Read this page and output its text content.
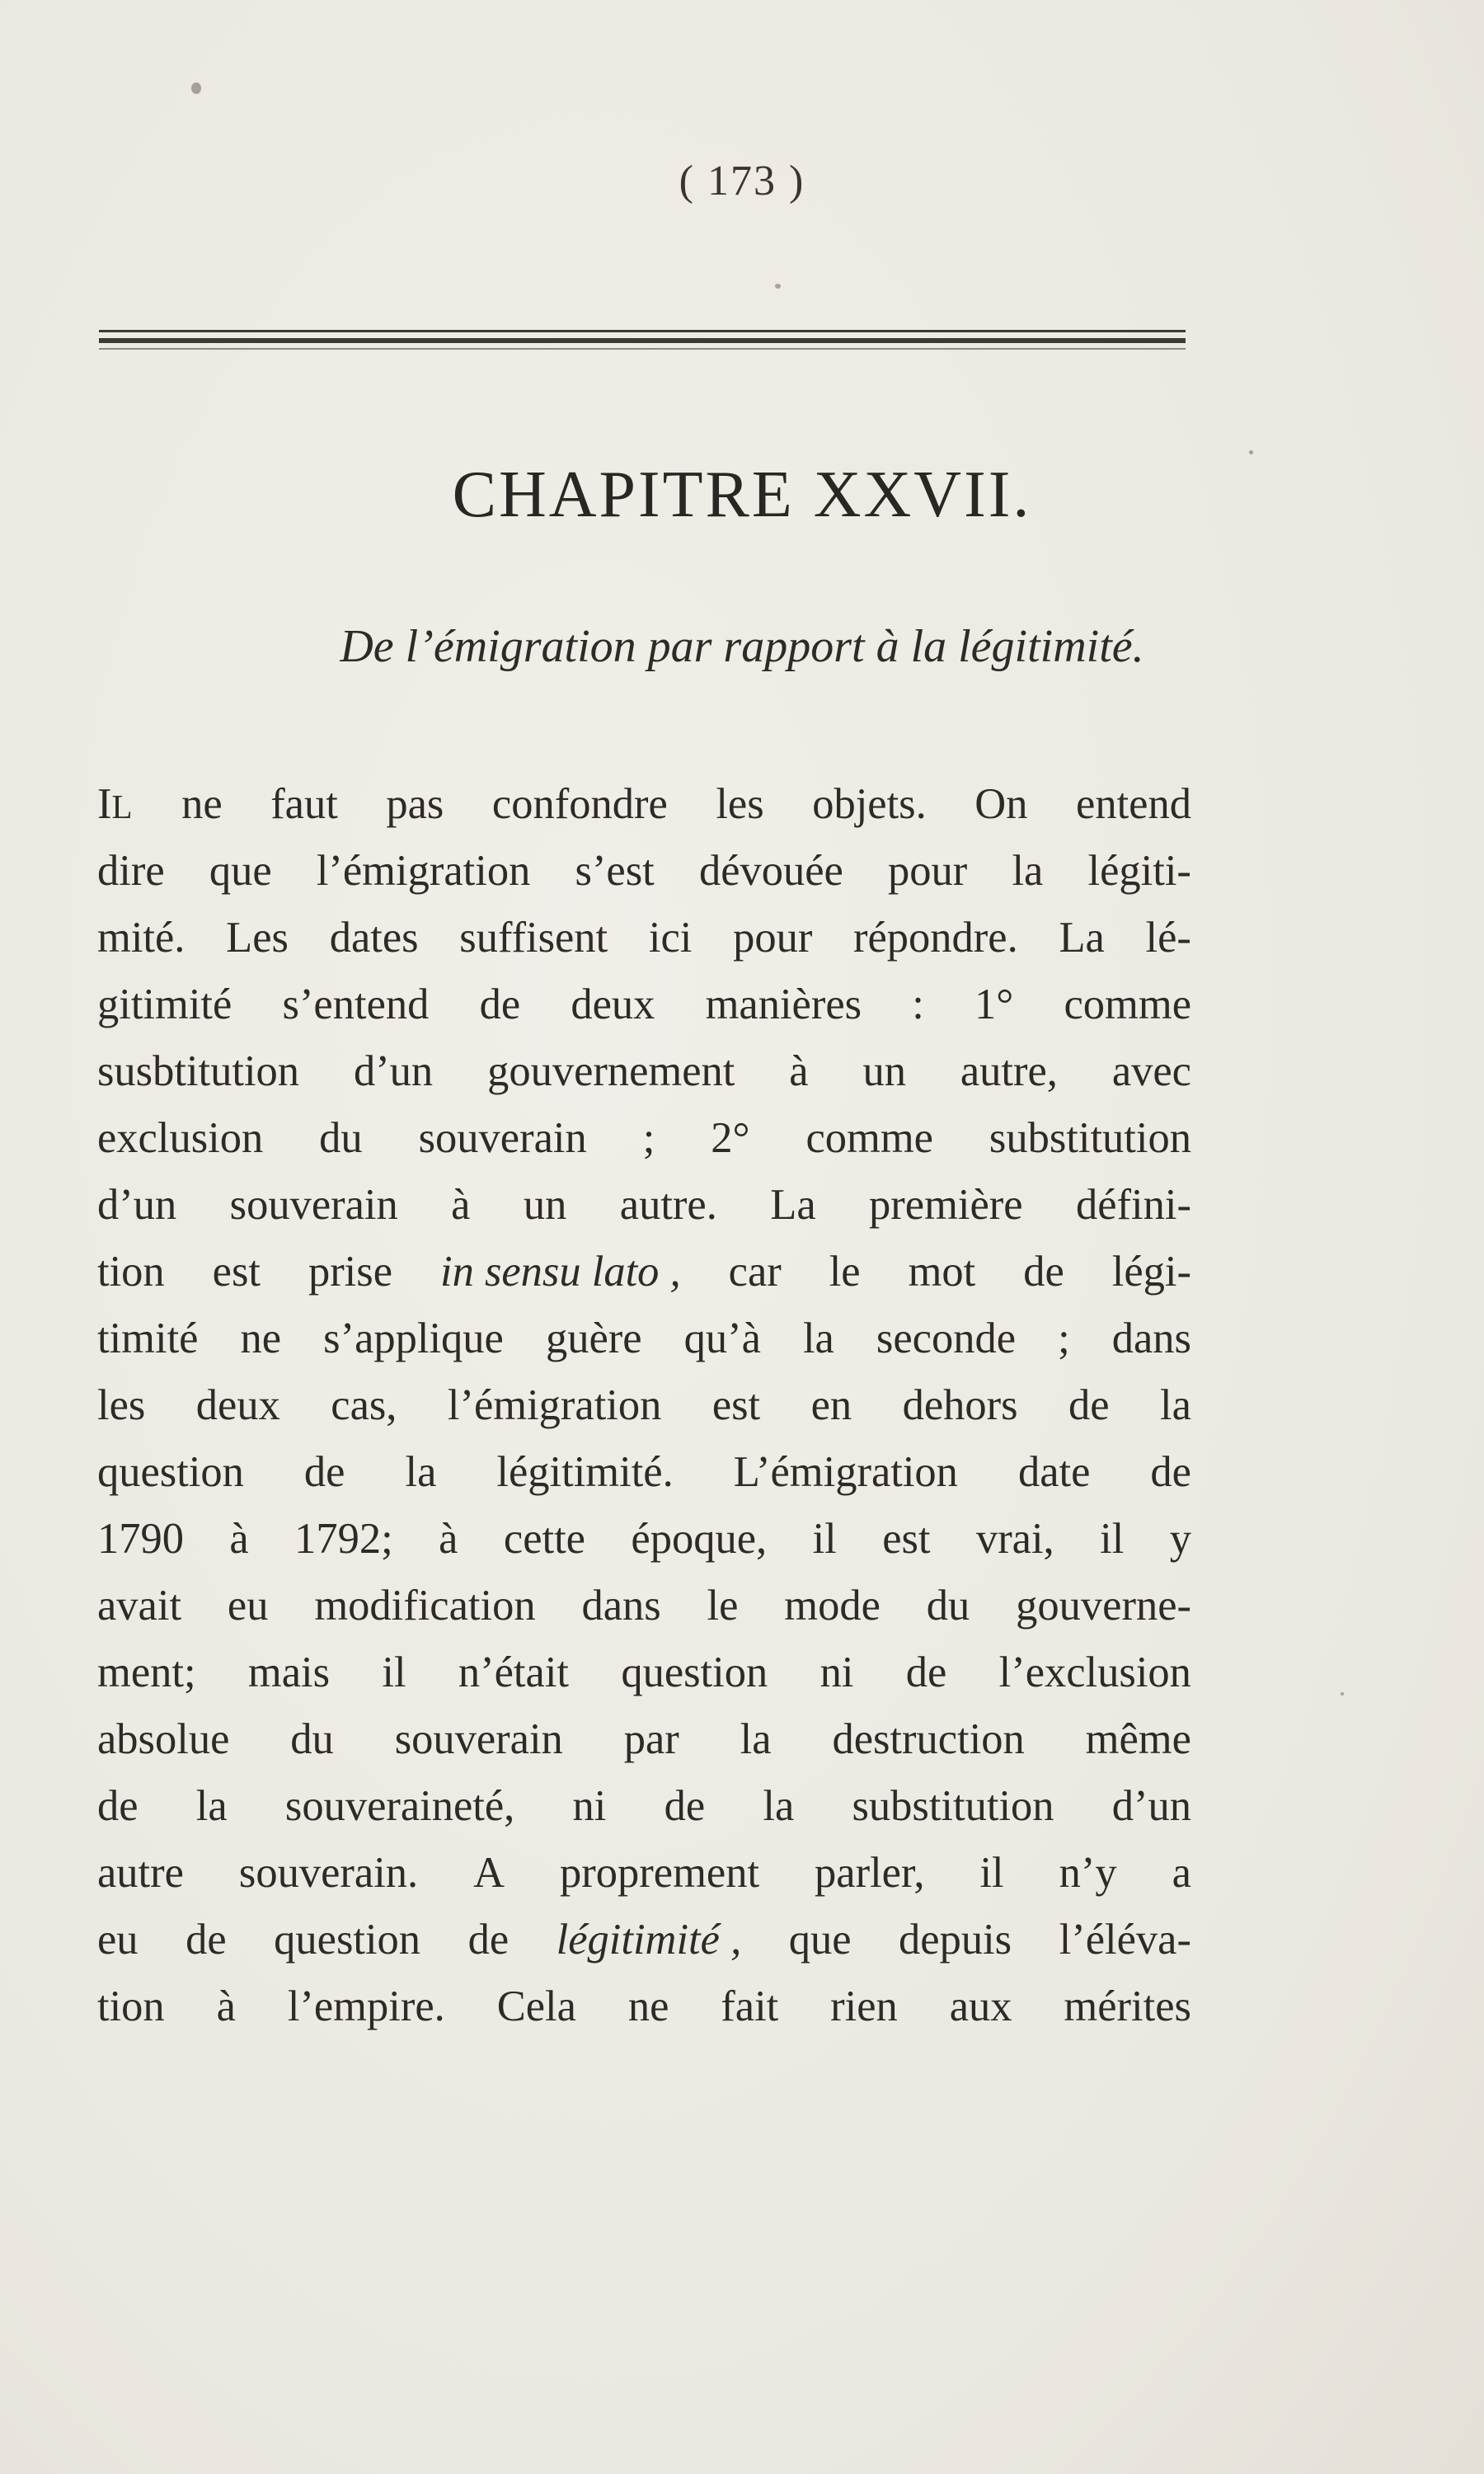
( 173 )
CHAPITRE XXVII.
De l’émigration par rapport à la légitimité.
IL ne faut pas confondre les objets. On entend
dire que l’émigration s’est dévouée pour la légiti-
mité. Les dates suffisent ici pour répondre. La lé-
gitimité s’entend de deux manières : 1° comme
susbtitution d’un gouvernement à un autre, avec
exclusion du souverain ; 2° comme substitution
d’un souverain à un autre. La première défini-
tion est prise in sensu lato , car le mot de légi-
timité ne s’applique guère qu’à la seconde ; dans
les deux cas, l’émigration est en dehors de la
question de la légitimité. L’émigration date de
1790 à 1792; à cette époque, il est vrai, il y
avait eu modification dans le mode du gouverne-
ment; mais il n’était question ni de l’exclusion
absolue du souverain par la destruction même
de la souveraineté, ni de la substitution d’un
autre souverain. A proprement parler, il n’y a
eu de question de légitimité , que depuis l’éléva-
tion à l’empire. Cela ne fait rien aux mérites
